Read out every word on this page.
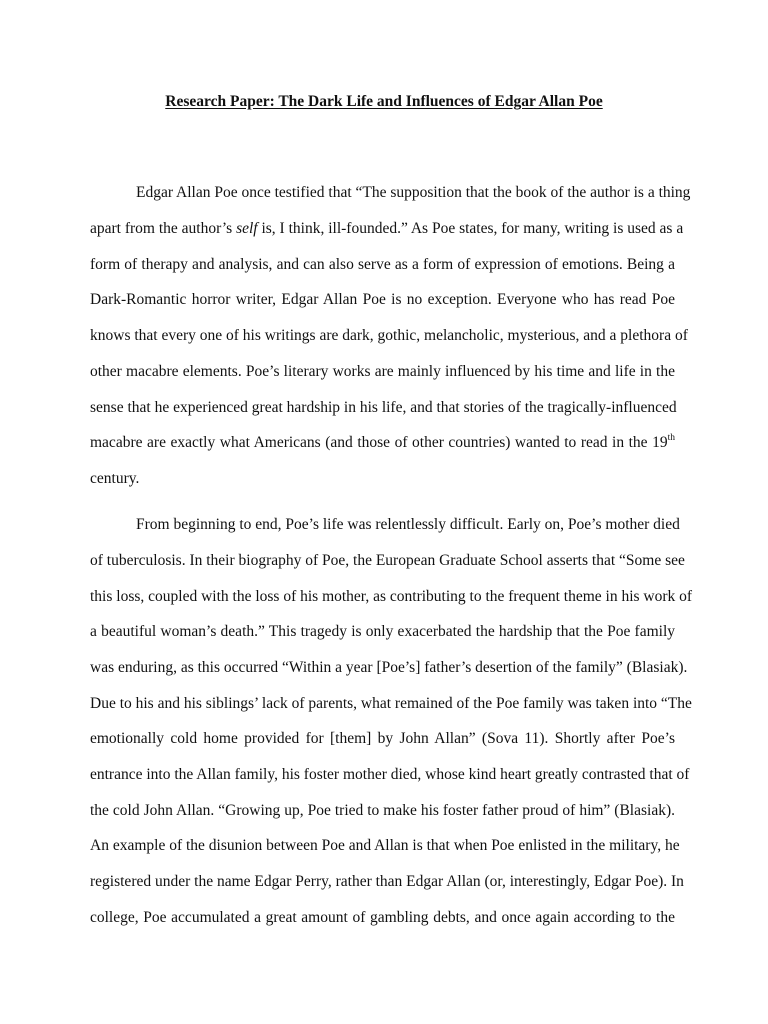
Research Paper: The Dark Life and Influences of Edgar Allan Poe

Edgar Allan Poe once testified that “The supposition that the book of the author is a thing

apart from the author’s self is, I think, ill-founded.” As Poe states, for many, writing is used as a

form of therapy and analysis, and can also serve as a form of expression of emotions. Being a

Dark-Romantic horror writer, Edgar Allan Poe is no exception. Everyone who has read Poe

knows that every one of his writings are dark, gothic, melancholic, mysterious, and a plethora of

other macabre elements. Poe’s literary works are mainly influenced by his time and life in the

sense that he experienced great hardship in his life, and that stories of the tragically-influenced

macabre are exactly what Americans (and those of other countries) wanted to read in the 19th

century.

From beginning to end, Poe’s life was relentlessly difficult. Early on, Poe’s mother died

of tuberculosis. In their biography of Poe, the European Graduate School asserts that “Some see

this loss, coupled with the loss of his mother, as contributing to the frequent theme in his work of

a beautiful woman’s death.” This tragedy is only exacerbated the hardship that the Poe family

was enduring, as this occurred “Within a year [Poe’s] father’s desertion of the family” (Blasiak).

Due to his and his siblings’ lack of parents, what remained of the Poe family was taken into “The

emotionally cold home provided for [them] by John Allan” (Sova 11). Shortly after Poe’s

entrance into the Allan family, his foster mother died, whose kind heart greatly contrasted that of

the cold John Allan. “Growing up, Poe tried to make his foster father proud of him” (Blasiak).

An example of the disunion between Poe and Allan is that when Poe enlisted in the military, he

registered under the name Edgar Perry, rather than Edgar Allan (or, interestingly, Edgar Poe). In

college, Poe accumulated a great amount of gambling debts, and once again according to the
